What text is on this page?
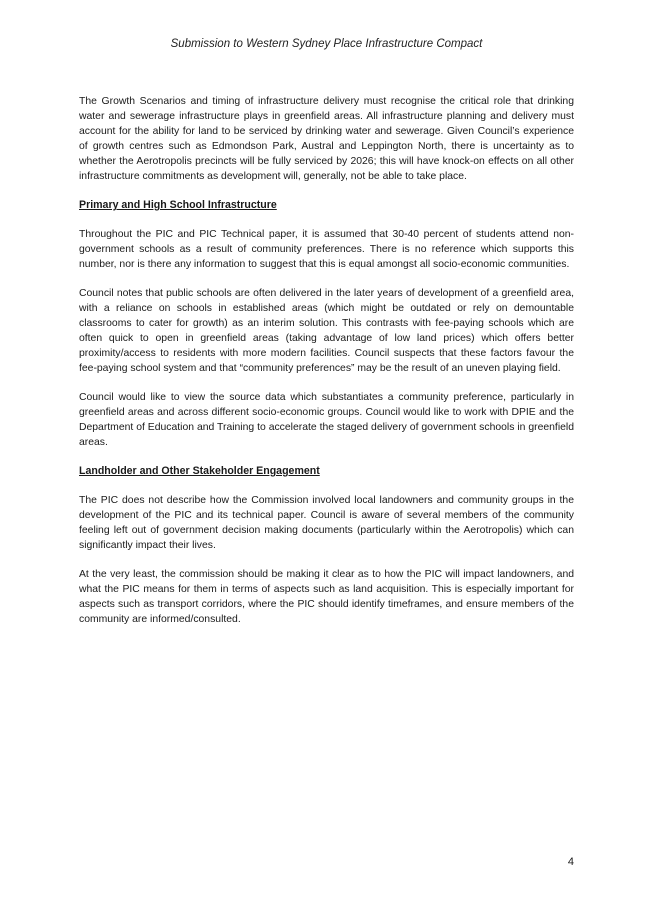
Submission to Western Sydney Place Infrastructure Compact

The Growth Scenarios and timing of infrastructure delivery must recognise the critical role that drinking water and sewerage infrastructure plays in greenfield areas. All infrastructure planning and delivery must account for the ability for land to be serviced by drinking water and sewerage. Given Council’s experience of growth centres such as Edmondson Park, Austral and Leppington North, there is uncertainty as to whether the Aerotropolis precincts will be fully serviced by 2026; this will have knock-on effects on all other infrastructure commitments as development will, generally, not be able to take place.

Primary and High School Infrastructure

Throughout the PIC and PIC Technical paper, it is assumed that 30-40 percent of students attend non-government schools as a result of community preferences. There is no reference which supports this number, nor is there any information to suggest that this is equal amongst all socio-economic communities.

Council notes that public schools are often delivered in the later years of development of a greenfield area, with a reliance on schools in established areas (which might be outdated or rely on demountable classrooms to cater for growth) as an interim solution. This contrasts with fee-paying schools which are often quick to open in greenfield areas (taking advantage of low land prices) which offers better proximity/access to residents with more modern facilities. Council suspects that these factors favour the fee-paying school system and that “community preferences” may be the result of an uneven playing field.

Council would like to view the source data which substantiates a community preference, particularly in greenfield areas and across different socio-economic groups. Council would like to work with DPIE and the Department of Education and Training to accelerate the staged delivery of government schools in greenfield areas.

Landholder and Other Stakeholder Engagement

The PIC does not describe how the Commission involved local landowners and community groups in the development of the PIC and its technical paper. Council is aware of several members of the community feeling left out of government decision making documents (particularly within the Aerotropolis) which can significantly impact their lives.

At the very least, the commission should be making it clear as to how the PIC will impact landowners, and what the PIC means for them in terms of aspects such as land acquisition. This is especially important for aspects such as transport corridors, where the PIC should identify timeframes, and ensure members of the community are informed/consulted.

4
